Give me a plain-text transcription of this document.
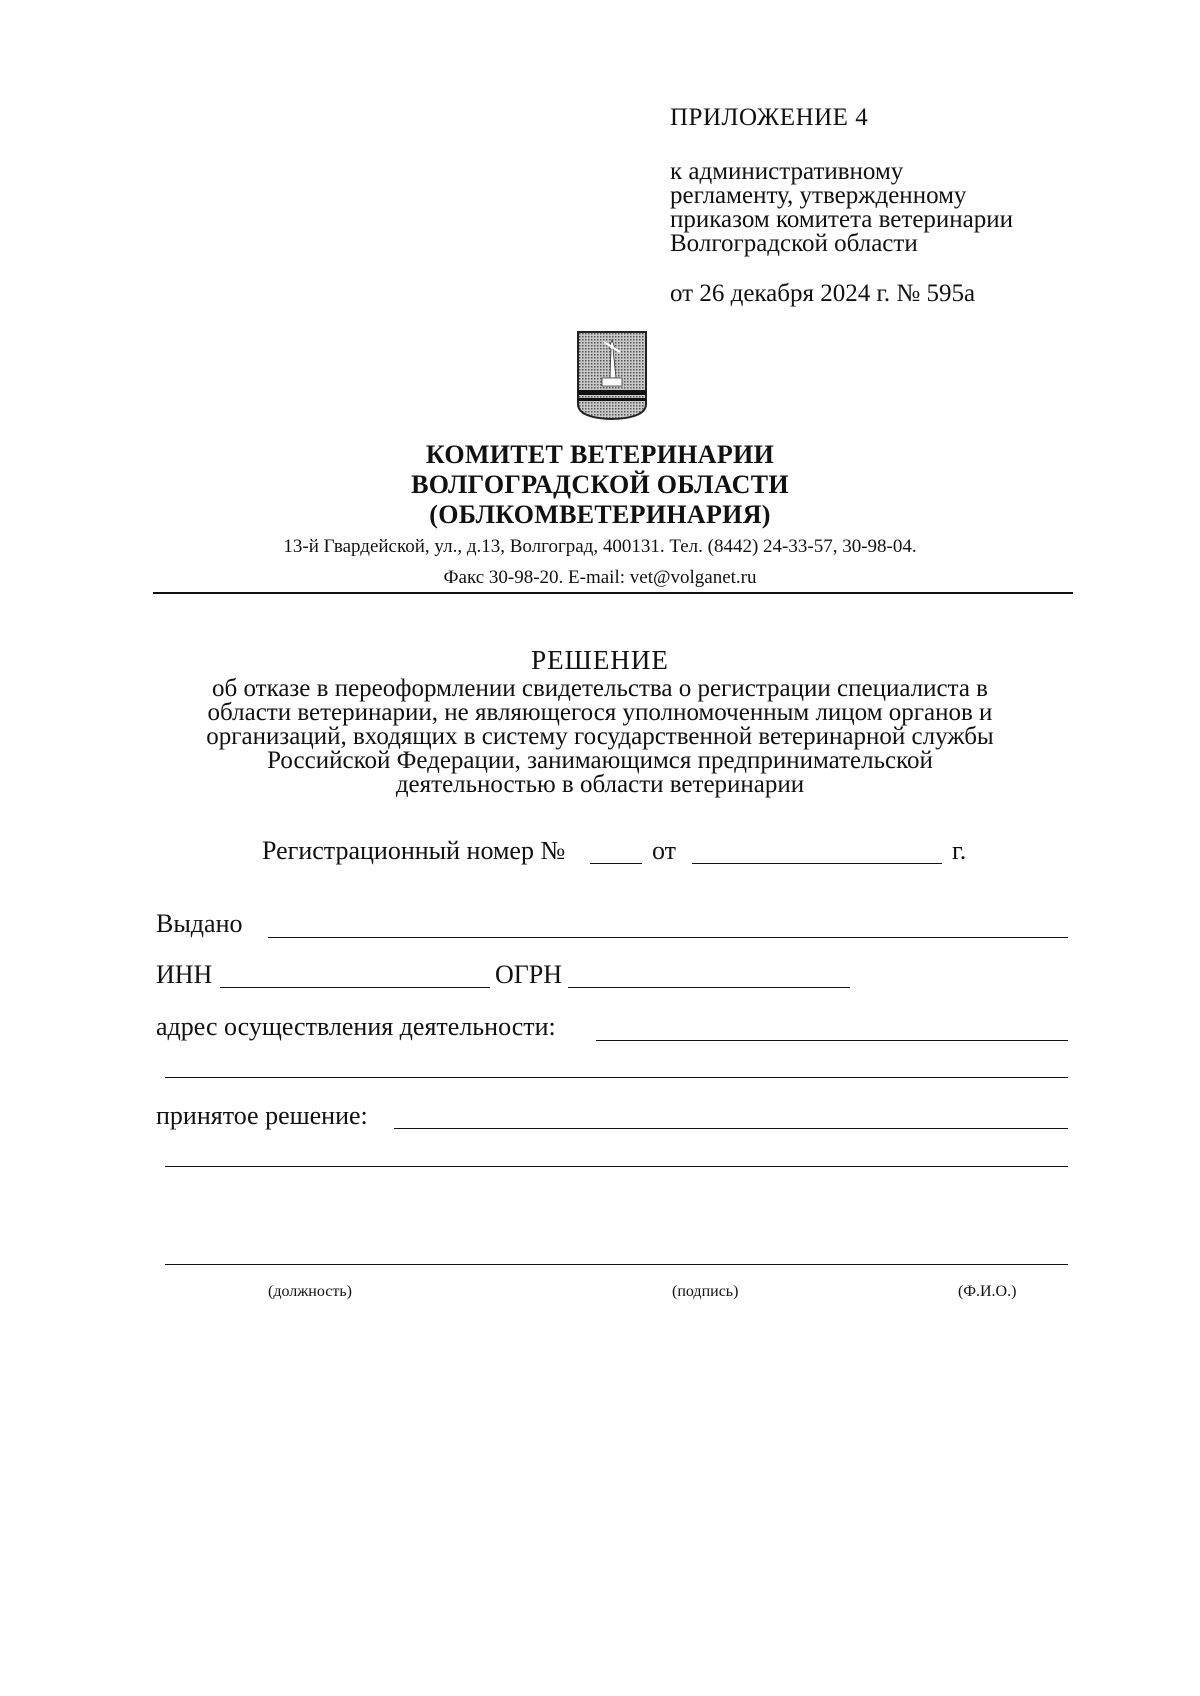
ПРИЛОЖЕНИЕ 4
к административному
регламенту, утвержденному
приказом комитета ветеринарии
Волгоградской области
от 26 декабря 2024 г. № 595а
КОМИТЕТ ВЕТЕРИНАРИИ
ВОЛГОГРАДСКОЙ ОБЛАСТИ
(ОБЛКОМВЕТЕРИНАРИЯ)
13-й Гвардейской, ул., д.13, Волгоград, 400131. Тел. (8442) 24-33-57, 30-98-04.
Факс 30-98-20. E-mail: vet@volganet.ru
РЕШЕНИЕ
об отказе в переоформлении свидетельства о регистрации специалиста в
области ветеринарии, не являющегося уполномоченным лицом органов и
организаций, входящих в систему государственной ветеринарной службы
Российской Федерации, занимающимся предпринимательской
деятельностью в области ветеринарии
Регистрационный номер №	от	г.
Выдано
ИНН	ОГРН
адрес осуществления деятельности:
принятое решение:
(должность)	(подпись)	(Ф.И.О.)
